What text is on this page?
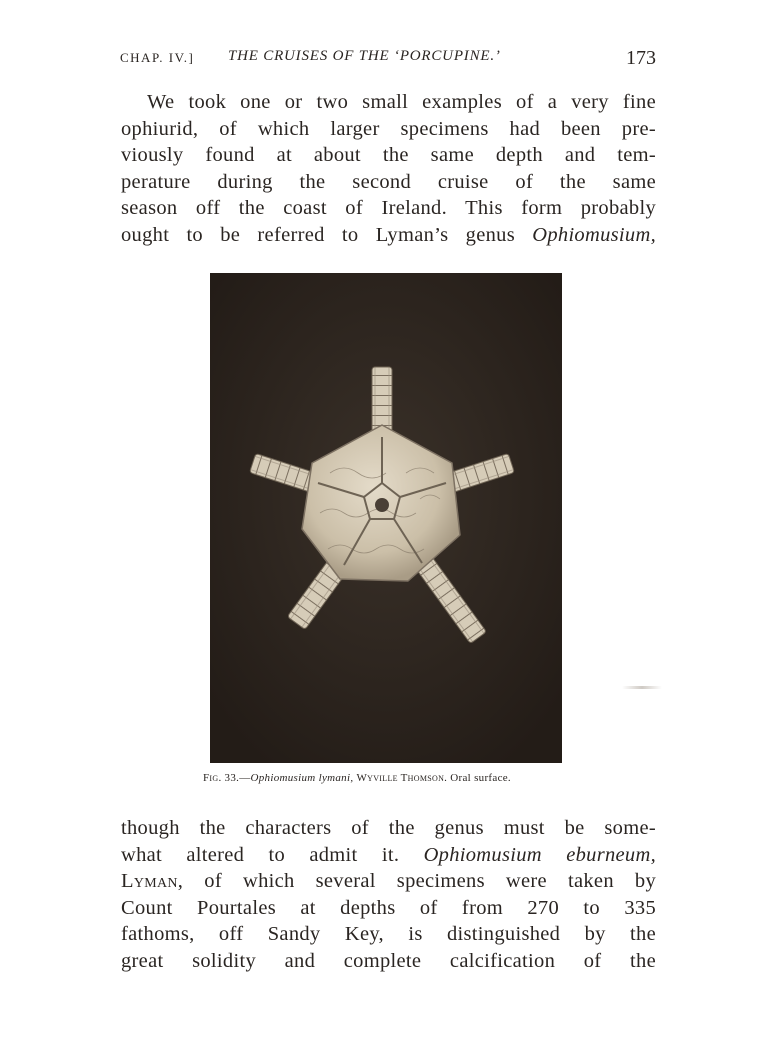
CHAP. IV.] THE CRUISES OF THE ‘PORCUPINE.’	173
We took one or two small examples of a very fine
ophiurid, of which larger specimens had been pre-
viously found at about the same depth and tem-
perature during the second cruise of the same
season off the coast of Ireland. This form probably
ought to be referred to Lyman’s genus Ophiomusium,
Fig. 33.—Ophiomusium lymani, Wyville Thomson. Oral surface.
though the characters of the genus must be some-
what altered to admit it. Ophiomusium eburneum,
Lyman, of which several specimens were taken by
Count Pourtales at depths of from 270 to 335
fathoms, off Sandy Key, is distinguished by the
great solidity and complete calcification of the
